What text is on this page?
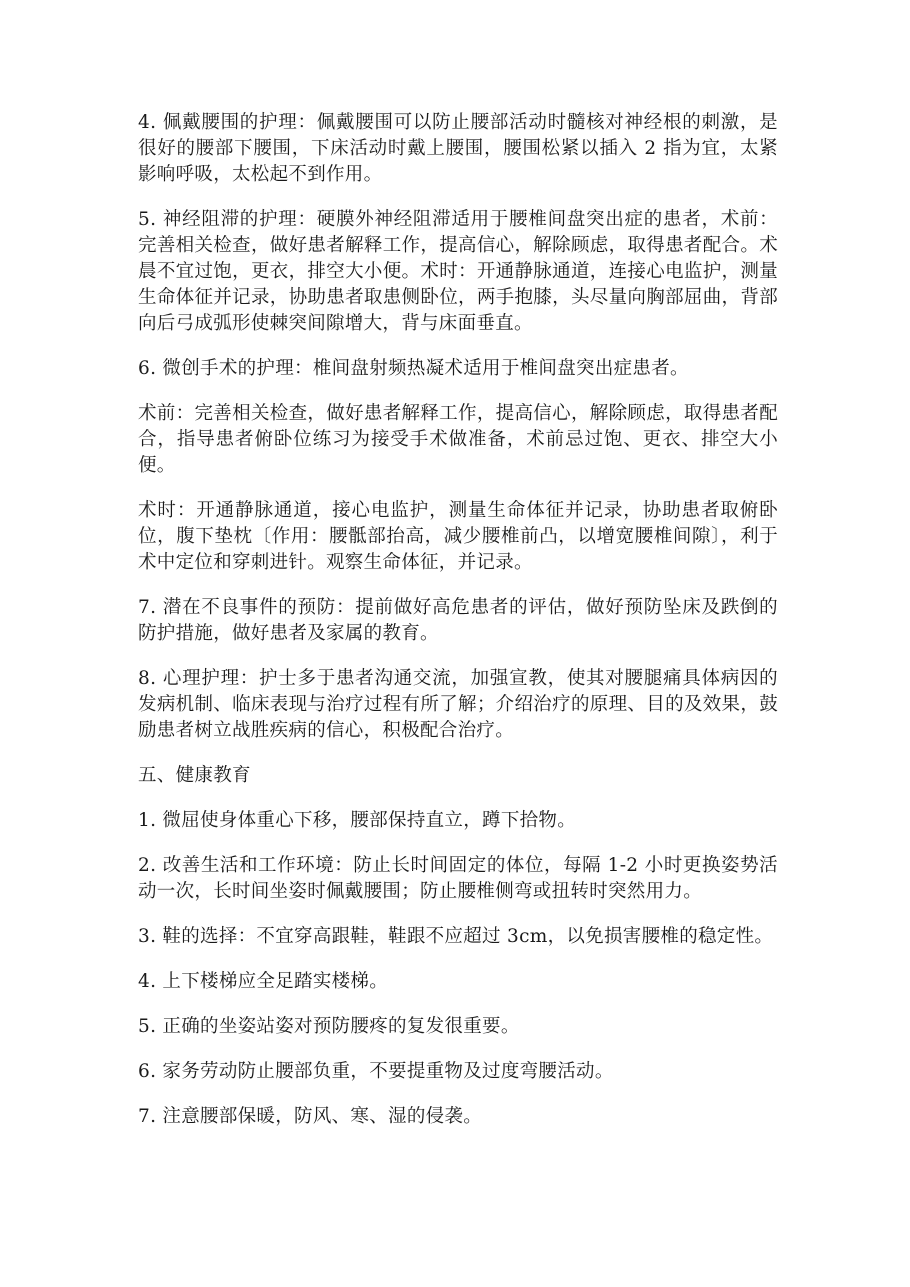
4. 佩戴腰围的护理：佩戴腰围可以防止腰部活动时髓核对神经根的刺激，是很好的腰部下腰围，下床活动时戴上腰围，腰围松紧以插入 2 指为宜，太紧影响呼吸，太松起不到作用。

5. 神经阻滞的护理：硬膜外神经阻滞适用于腰椎间盘突出症的患者，术前：完善相关检查，做好患者解释工作，提高信心，解除顾虑，取得患者配合。术晨不宜过饱，更衣，排空大小便。术时：开通静脉通道，连接心电监护，测量生命体征并记录，协助患者取患侧卧位，两手抱膝，头尽量向胸部屈曲，背部向后弓成弧形使棘突间隙增大，背与床面垂直。

6. 微创手术的护理：椎间盘射频热凝术适用于椎间盘突出症患者。

术前：完善相关检查，做好患者解释工作，提高信心，解除顾虑，取得患者配合，指导患者俯卧位练习为接受手术做准备，术前忌过饱、更衣、排空大小便。

术时：开通静脉通道，接心电监护，测量生命体征并记录，协助患者取俯卧位，腹下垫枕〔作用：腰骶部抬高，减少腰椎前凸，以增宽腰椎间隙〕，利于术中定位和穿刺进针。观察生命体征，并记录。

7. 潜在不良事件的预防：提前做好高危患者的评估，做好预防坠床及跌倒的防护措施，做好患者及家属的教育。

8. 心理护理：护士多于患者沟通交流，加强宣教，使其对腰腿痛具体病因的发病机制、临床表现与治疗过程有所了解；介绍治疗的原理、目的及效果，鼓励患者树立战胜疾病的信心，积极配合治疗。

五、健康教育

1. 微屈使身体重心下移，腰部保持直立，蹲下拾物。

2. 改善生活和工作环境：防止长时间固定的体位，每隔 1-2 小时更换姿势活动一次，长时间坐姿时佩戴腰围；防止腰椎侧弯或扭转时突然用力。

3. 鞋的选择：不宜穿高跟鞋，鞋跟不应超过 3cm，以免损害腰椎的稳定性。

4. 上下楼梯应全足踏实楼梯。

5. 正确的坐姿站姿对预防腰疼的复发很重要。

6. 家务劳动防止腰部负重，不要提重物及过度弯腰活动。

7. 注意腰部保暖，防风、寒、湿的侵袭。
